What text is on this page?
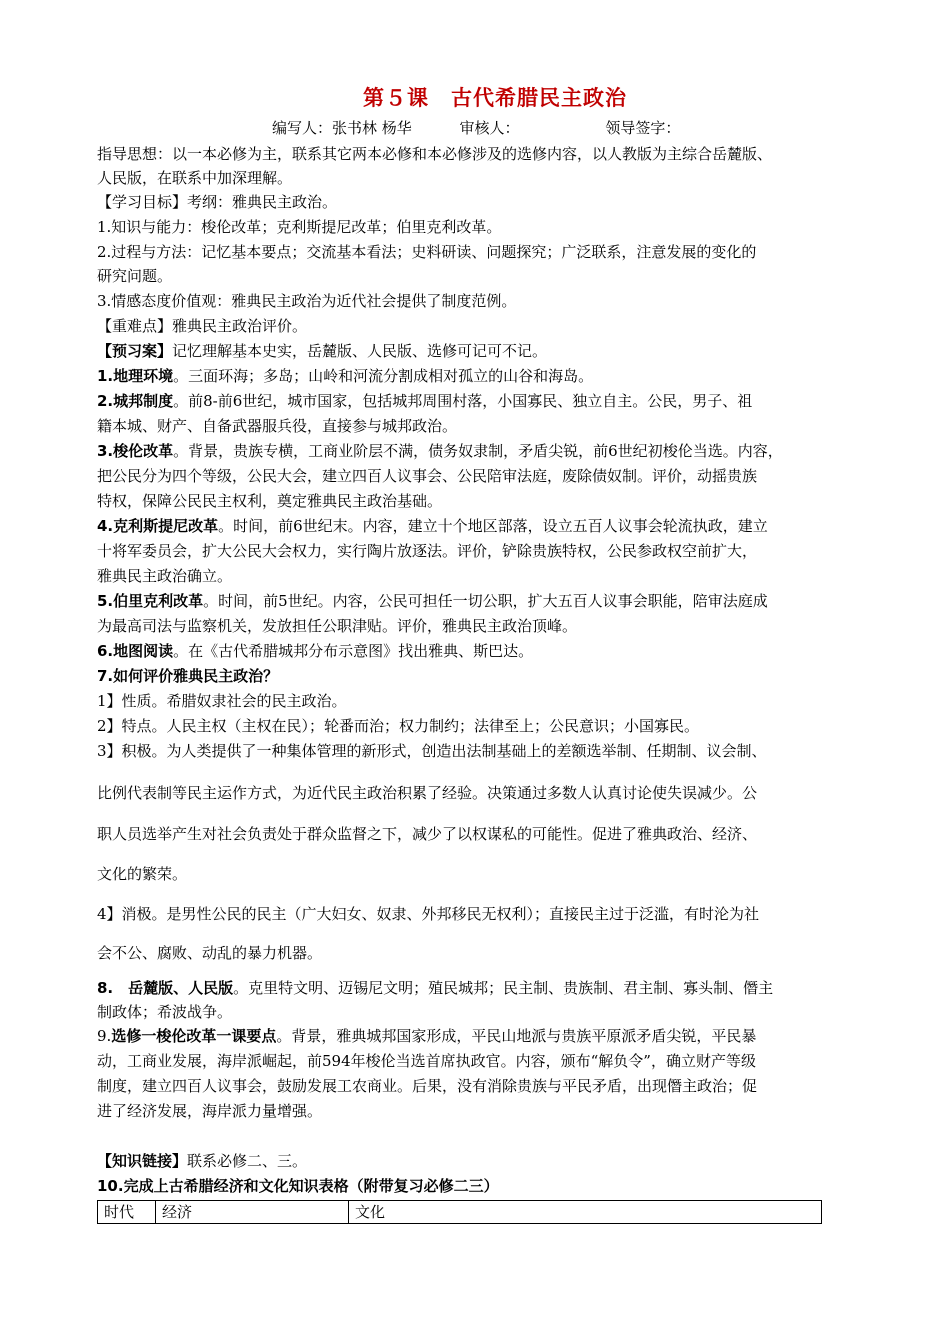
第５课　古代希腊民主政治
编写人：张书林 杨华	审核人：	领导签字：
指导思想：以一本必修为主，联系其它两本必修和本必修涉及的选修内容，以人教版为主综合岳麓版、
人民版，在联系中加深理解。
【学习目标】考纲：雅典民主政治。
1.知识与能力：梭伦改革；克利斯提尼改革；伯里克利改革。
2.过程与方法：记忆基本要点；交流基本看法；史料研读、问题探究；广泛联系，注意发展的变化的
研究问题。
3.情感态度价值观：雅典民主政治为近代社会提供了制度范例。
【重难点】雅典民主政治评价。
【预习案】记忆理解基本史实，岳麓版、人民版、选修可记可不记。
1.地理环境。三面环海；多岛；山岭和河流分割成相对孤立的山谷和海岛。
2.城邦制度。前8-前6世纪，城市国家，包括城邦周围村落，小国寡民、独立自主。公民，男子、祖
籍本城、财产、自备武器服兵役，直接参与城邦政治。
3.梭伦改革。背景，贵族专横，工商业阶层不满，债务奴隶制，矛盾尖锐，前6世纪初梭伦当选。内容，
把公民分为四个等级，公民大会，建立四百人议事会、公民陪审法庭，废除债奴制。评价，动摇贵族
特权，保障公民民主权利，奠定雅典民主政治基础。
4.克利斯提尼改革。时间，前6世纪末。内容，建立十个地区部落，设立五百人议事会轮流执政，建立
十将军委员会，扩大公民大会权力，实行陶片放逐法。评价，铲除贵族特权，公民参政权空前扩大，
雅典民主政治确立。
5.伯里克利改革。时间，前5世纪。内容，公民可担任一切公职，扩大五百人议事会职能，陪审法庭成
为最高司法与监察机关，发放担任公职津贴。评价，雅典民主政治顶峰。
6.地图阅读。在《古代希腊城邦分布示意图》找出雅典、斯巴达。
7.如何评价雅典民主政治？
1】性质。希腊奴隶社会的民主政治。
2】特点。人民主权（主权在民）；轮番而治；权力制约；法律至上；公民意识；小国寡民。
3】积极。为人类提供了一种集体管理的新形式，创造出法制基础上的差额选举制、任期制、议会制、
比例代表制等民主运作方式，为近代民主政治积累了经验。决策通过多数人认真讨论使失误减少。公
职人员选举产生对社会负责处于群众监督之下，减少了以权谋私的可能性。促进了雅典政治、经济、
文化的繁荣。
4】消极。是男性公民的民主（广大妇女、奴隶、外邦移民无权利）；直接民主过于泛滥，有时沦为社
会不公、腐败、动乱的暴力机器。
8.　岳麓版、人民版。克里特文明、迈锡尼文明；殖民城邦；民主制、贵族制、君主制、寡头制、僭主
制政体；希波战争。
9.选修一梭伦改革一课要点。背景，雅典城邦国家形成，平民山地派与贵族平原派矛盾尖锐，平民暴
动，工商业发展，海岸派崛起，前594年梭伦当选首席执政官。内容，颁布“解负令”，确立财产等级
制度，建立四百人议事会，鼓励发展工农商业。后果，没有消除贵族与平民矛盾，出现僭主政治；促
进了经济发展，海岸派力量增强。
【知识链接】联系必修二、三。
10.完成上古希腊经济和文化知识表格（附带复习必修二三）
时代	经济	文化
